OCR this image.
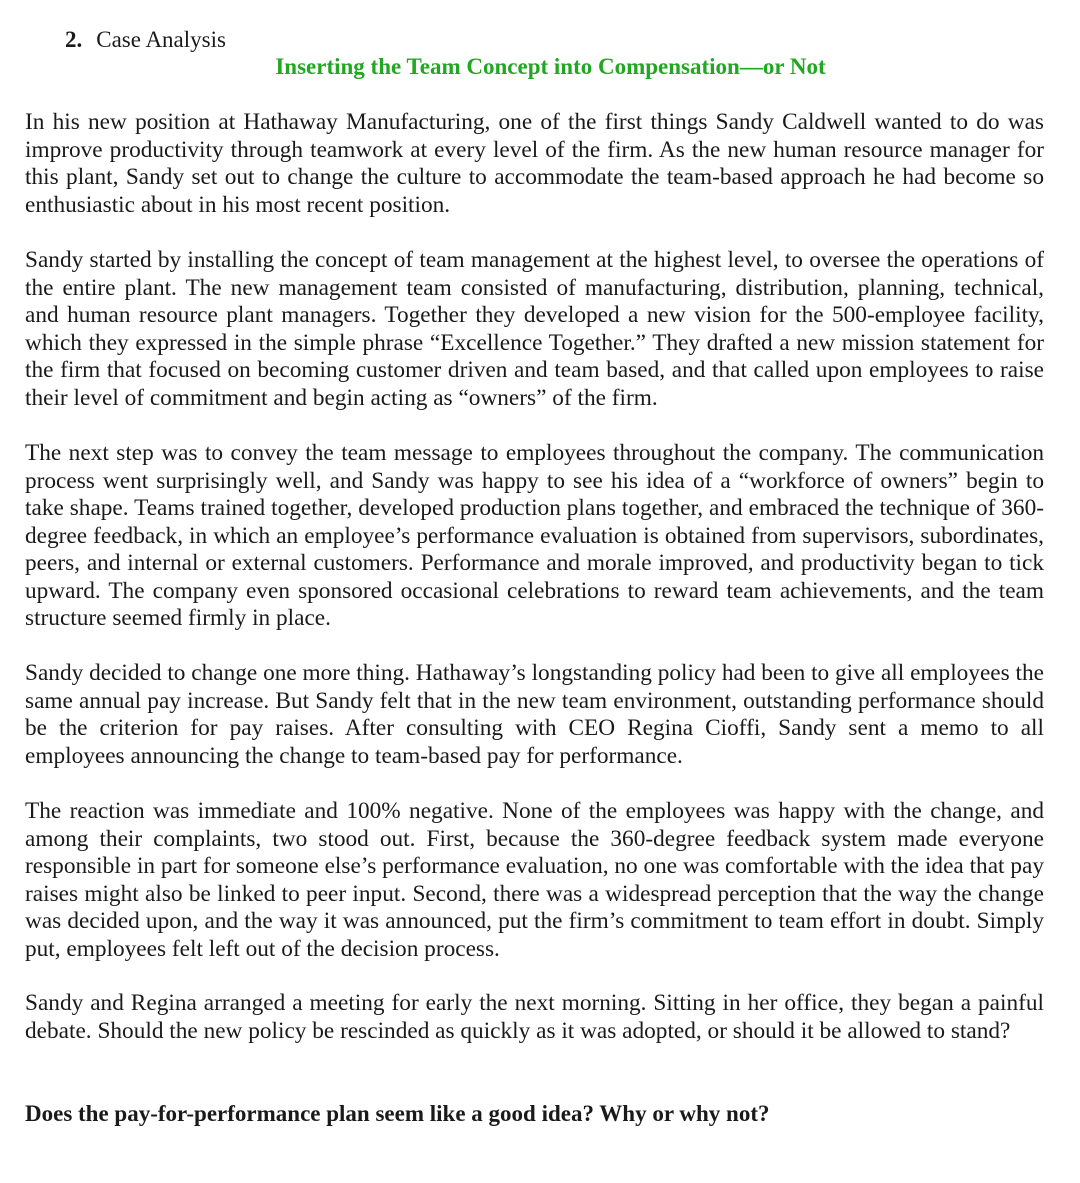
2. Case Analysis
Inserting the Team Concept into Compensation—or Not

In his new position at Hathaway Manufacturing, one of the first things Sandy Caldwell wanted to do was improve productivity through teamwork at every level of the firm. As the new human resource manager for this plant, Sandy set out to change the culture to accommodate the team-based approach he had become so enthusiastic about in his most recent position.

Sandy started by installing the concept of team management at the highest level, to oversee the operations of the entire plant. The new management team consisted of manufacturing, distribution, planning, technical, and human resource plant managers. Together they developed a new vision for the 500-employee facility, which they expressed in the simple phrase “Excellence Together.” They drafted a new mission statement for the firm that focused on becoming customer driven and team based, and that called upon employees to raise their level of commitment and begin acting as “owners” of the firm.

The next step was to convey the team message to employees throughout the company. The communication process went surprisingly well, and Sandy was happy to see his idea of a “workforce of owners” begin to take shape. Teams trained together, developed production plans together, and embraced the technique of 360-degree feedback, in which an employee’s performance evaluation is obtained from supervisors, subordinates, peers, and internal or external customers. Performance and morale improved, and productivity began to tick upward. The company even sponsored occasional celebrations to reward team achievements, and the team structure seemed firmly in place.

Sandy decided to change one more thing. Hathaway’s longstanding policy had been to give all employees the same annual pay increase. But Sandy felt that in the new team environment, outstanding performance should be the criterion for pay raises. After consulting with CEO Regina Cioffi, Sandy sent a memo to all employees announcing the change to team-based pay for performance.

The reaction was immediate and 100% negative. None of the employees was happy with the change, and among their complaints, two stood out. First, because the 360-degree feedback system made everyone responsible in part for someone else’s performance evaluation, no one was comfortable with the idea that pay raises might also be linked to peer input. Second, there was a widespread perception that the way the change was decided upon, and the way it was announced, put the firm’s commitment to team effort in doubt. Simply put, employees felt left out of the decision process.

Sandy and Regina arranged a meeting for early the next morning. Sitting in her office, they began a painful debate. Should the new policy be rescinded as quickly as it was adopted, or should it be allowed to stand?

Does the pay-for-performance plan seem like a good idea? Why or why not?
